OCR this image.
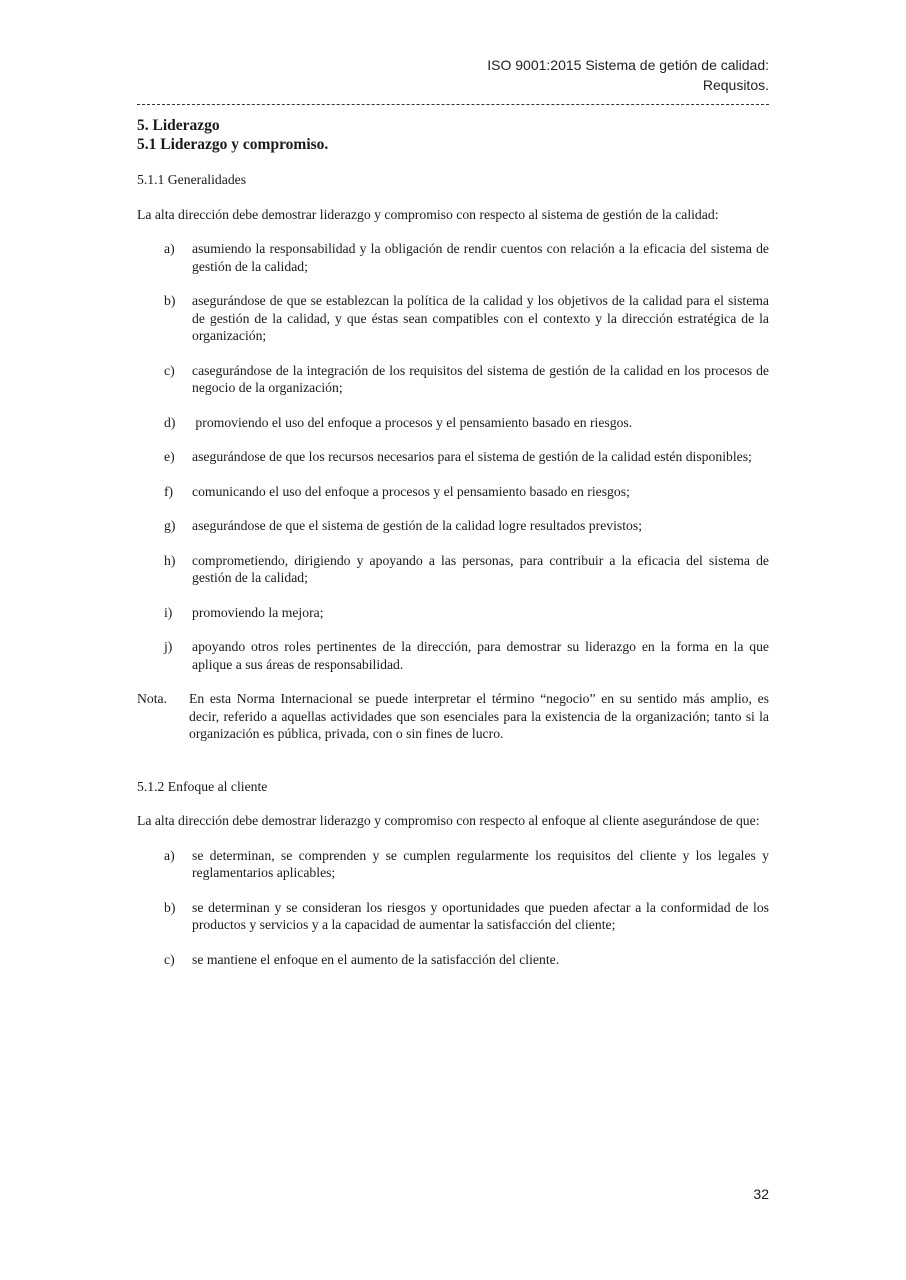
ISO 9001:2015 Sistema de getión de calidad:
Requsitos.
5. Liderazgo
5.1 Liderazgo y compromiso.
5.1.1 Generalidades
La alta dirección debe demostrar liderazgo y compromiso con respecto al sistema de gestión de la calidad:
a)	asumiendo la responsabilidad y la obligación de rendir cuentos con relación a la eficacia del sistema de gestión de la calidad;
b)	asegurándose de que se establezcan la política de la calidad y los objetivos de la calidad para el sistema de gestión de la calidad, y que éstas sean compatibles con el contexto y la dirección estratégica de la organización;
c)	casegurándose de la integración de los requisitos del sistema de gestión de la calidad en los procesos de negocio de la organización;
d)	promoviendo el uso del enfoque a procesos y el pensamiento basado en riesgos.
e)	asegurándose de que los recursos necesarios para el sistema de gestión de la calidad estén disponibles;
f)	comunicando el uso del enfoque a procesos y el pensamiento basado en riesgos;
g)	asegurándose de que el sistema de gestión de la calidad logre resultados previstos;
h)	comprometiendo, dirigiendo y apoyando a las personas, para contribuir a la eficacia del sistema de gestión de la calidad;
i)	promoviendo la mejora;
j)	apoyando otros roles pertinentes de la dirección, para demostrar su liderazgo en la forma en la que aplique a sus áreas de responsabilidad.
Nota.	En esta Norma Internacional se puede interpretar el término “negocio” en su sentido más amplio, es decir, referido a aquellas actividades que son esenciales para la existencia de la organización; tanto si la organización es pública, privada, con o sin fines de lucro.
5.1.2 Enfoque al cliente
La alta dirección debe demostrar liderazgo y compromiso con respecto al enfoque al cliente asegurándose de que:
a)	se determinan, se comprenden y se cumplen regularmente los requisitos del cliente y los legales y reglamentarios aplicables;
b)	se determinan y se consideran los riesgos y oportunidades que pueden afectar a la conformidad de los productos y servicios y a la capacidad de aumentar la satisfacción del cliente;
c)	se mantiene el enfoque en el aumento de la satisfacción del cliente.
32
